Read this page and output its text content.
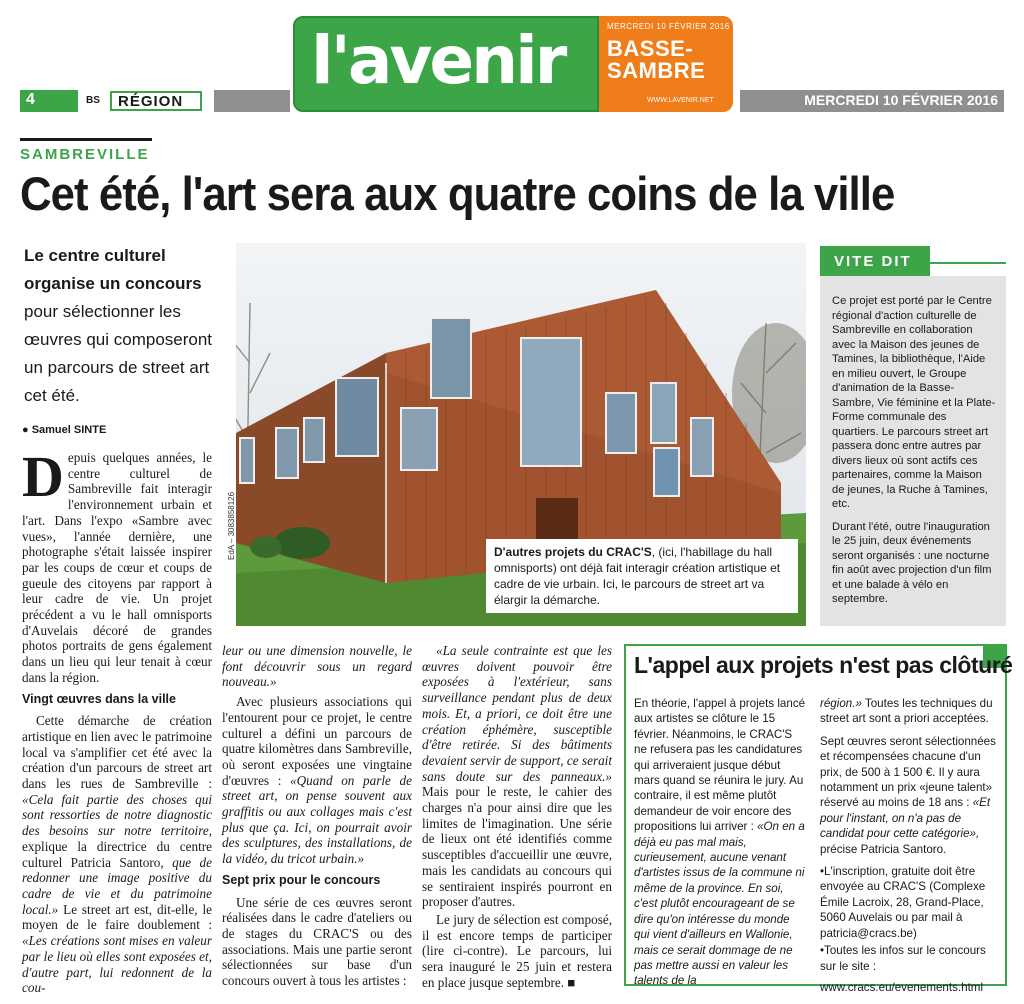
l'avenir	MERCREDI 10 FÉVRIER 2016
BASSE-SAMBRE
WWW.LAVENIR.NET
4	BS	RÉGION	MERCREDI 10 FÉVRIER 2016
SAMBREVILLE
Cet été, l'art sera aux quatre coins de la ville
Le centre culturel
organise un concours
pour sélectionner les œuvres qui composeront un parcours de street art cet été.
● Samuel SINTE

D epuis quelques années, le centre culturel de Sambreville fait interagir l'environnement urbain et l'art. Dans l'expo «Sambre avec vues», l'année dernière, une photographe s'était laissée inspirer par les coups de cœur et coups de gueule des citoyens par rapport à leur cadre de vie. Un projet précédent a vu le hall omnisports d'Auvelais décoré de grandes photos portraits de gens également dans un lieu qui leur tenait à cœur dans la région.

Vingt œuvres dans la ville

Cette démarche de création artistique en lien avec le patrimoine local va s'amplifier cet été avec la création d'un parcours de street art dans les rues de Sambreville : «Cela fait partie des choses qui sont ressorties de notre diagnostic des besoins sur notre territoire, explique la directrice du centre culturel Patricia Santoro, que de redonner une image positive du cadre de vie et du patrimoine local.» Le street art est, dit-elle, le moyen de le faire doublement : «Les créations sont mises en valeur par le lieu où elles sont exposées et, d'autre part, lui redonnent de la cou-

leur ou une dimension nouvelle, le font découvrir sous un regard nouveau.»

Avec plusieurs associations qui l'entourent pour ce projet, le centre culturel a défini un parcours de quatre kilomètres dans Sambreville, où seront exposées une vingtaine d'œuvres : «Quand on parle de street art, on pense souvent aux graffitis ou aux collages mais c'est plus que ça. Ici, on pourrait avoir des sculptures, des installations, de la vidéo, du tricot urbain.»

Sept prix pour le concours

Une série de ces œuvres seront réalisées dans le cadre d'ateliers ou de stages du CRAC'S ou des associations. Mais une partie seront sélectionnées sur base d'un concours ouvert à tous les artistes :

«La seule contrainte est que les œuvres doivent pouvoir être exposées à l'extérieur, sans surveillance pendant plus de deux mois. Et, a priori, ce doit être une création éphémère, susceptible d'être retirée. Si des bâtiments devaient servir de support, ce serait sans doute sur des panneaux.» Mais pour le reste, le cahier des charges n'a pour ainsi dire que les limites de l'imagination. Une série de lieux ont été identifiés comme susceptibles d'accueillir une œuvre, mais les candidats au concours qui se sentiraient inspirés pourront en proposer d'autres.

Le jury de sélection est composé, il est encore temps de participer (lire ci-contre). Le parcours, lui sera inauguré le 25 juin et restera en place jusque septembre. ■

EdA – 3083858126	D'autres projets du CRAC'S, (ici, l'habillage du hall omnisports) ont déjà fait interagir création artistique et cadre de vie urbain. Ici, le parcours de street art va élargir la démarche.
VITE DIT

Ce projet est porté par le Centre régional d'action culturelle de Sambreville en collaboration avec la Maison des jeunes de Tamines, la bibliothèque, l'Aide en milieu ouvert, le Groupe d'animation de la Basse-Sambre, Vie féminine et la Plate-Forme communale des quartiers. Le parcours street art passera donc entre autres par divers lieux où sont actifs ces partenaires, comme la Maison de jeunes, la Ruche à Tamines, etc.

Durant l'été, outre l'inauguration le 25 juin, deux événements seront organisés : une nocturne fin août avec projection d'un film et une balade à vélo en septembre.

L'appel aux projets n'est pas clôturé

En théorie, l'appel à projets lancé aux artistes se clôture le 15 février. Néanmoins, le CRAC'S ne refusera pas les candidatures qui arriveraient jusque début mars quand se réunira le jury. Au contraire, il est même plutôt demandeur de voir encore des propositions lui arriver : «On en a déjà eu pas mal mais, curieusement, aucune venant d'artistes issus de la commune ni même de la province. En soi, c'est plutôt encourageant de se dire qu'on intéresse du monde qui vient d'ailleurs en Wallonie, mais ce serait dommage de ne pas mettre aussi en valeur les talents de la

région.» Toutes les techniques du street art sont a priori acceptées.

Sept œuvres seront sélectionnées et récompensées chacune d'un prix, de 500 à 1 500 €. Il y aura notamment un prix «jeune talent» réservé au moins de 18 ans : «Et pour l'instant, on n'a pas de candidat pour cette catégorie», précise Patricia Santoro.

•L'inscription, gratuite doit être envoyée au CRAC'S (Complexe Émile Lacroix, 28, Grand-Place, 5060 Auvelais ou par mail à patricia@cracs.be)

•Toutes les infos sur le concours sur le site :

www.cracs.eu/evenements.html
